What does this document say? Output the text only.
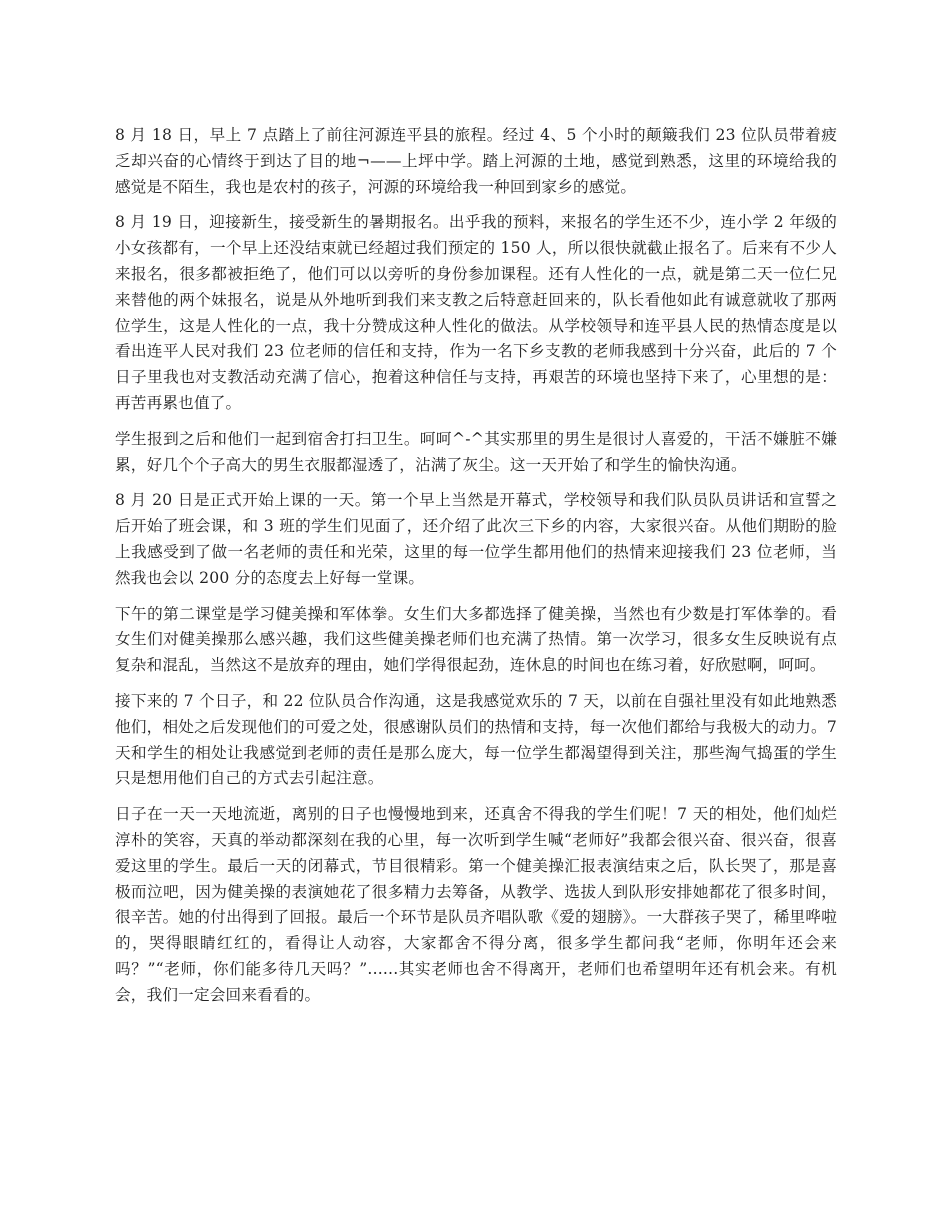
8 月 18 日，早上 7 点踏上了前往河源连平县的旅程。经过 4、5 个小时的颠簸我们 23 位队员带着疲乏却兴奋的心情终于到达了目的地¬——上坪中学。踏上河源的土地，感觉到熟悉，这里的环境给我的感觉是不陌生，我也是农村的孩子，河源的环境给我一种回到家乡的感觉。

8 月 19 日，迎接新生，接受新生的暑期报名。出乎我的预料，来报名的学生还不少，连小学 2 年级的小女孩都有，一个早上还没结束就已经超过我们预定的 150 人，所以很快就截止报名了。后来有不少人来报名，很多都被拒绝了，他们可以以旁听的身份参加课程。还有人性化的一点，就是第二天一位仁兄来替他的两个妹报名，说是从外地听到我们来支教之后特意赶回来的，队长看他如此有诚意就收了那两位学生，这是人性化的一点，我十分赞成这种人性化的做法。从学校领导和连平县人民的热情态度是以看出连平人民对我们 23 位老师的信任和支持，作为一名下乡支教的老师我感到十分兴奋，此后的 7 个日子里我也对支教活动充满了信心，抱着这种信任与支持，再艰苦的环境也坚持下来了，心里想的是：再苦再累也值了。

学生报到之后和他们一起到宿舍打扫卫生。呵呵^-^其实那里的男生是很讨人喜爱的，干活不嫌脏不嫌累，好几个个子高大的男生衣服都湿透了，沾满了灰尘。这一天开始了和学生的愉快沟通。

8 月 20 日是正式开始上课的一天。第一个早上当然是开幕式，学校领导和我们队员队员讲话和宣誓之后开始了班会课，和 3 班的学生们见面了，还介绍了此次三下乡的内容，大家很兴奋。从他们期盼的脸上我感受到了做一名老师的责任和光荣，这里的每一位学生都用他们的热情来迎接我们 23 位老师，当然我也会以 200 分的态度去上好每一堂课。

下午的第二课堂是学习健美操和军体拳。女生们大多都选择了健美操，当然也有少数是打军体拳的。看女生们对健美操那么感兴趣，我们这些健美操老师们也充满了热情。第一次学习，很多女生反映说有点复杂和混乱，当然这不是放弃的理由，她们学得很起劲，连休息的时间也在练习着，好欣慰啊，呵呵。

接下来的 7 个日子，和 22 位队员合作沟通，这是我感觉欢乐的 7 天，以前在自强社里没有如此地熟悉他们，相处之后发现他们的可爱之处，很感谢队员们的热情和支持，每一次他们都给与我极大的动力。7 天和学生的相处让我感觉到老师的责任是那么庞大，每一位学生都渴望得到关注，那些淘气捣蛋的学生只是想用他们自己的方式去引起注意。

日子在一天一天地流逝，离别的日子也慢慢地到来，还真舍不得我的学生们呢！7 天的相处，他们灿烂淳朴的笑容，天真的举动都深刻在我的心里，每一次听到学生喊“老师好”我都会很兴奋、很兴奋，很喜爱这里的学生。最后一天的闭幕式，节目很精彩。第一个健美操汇报表演结束之后，队长哭了，那是喜极而泣吧，因为健美操的表演她花了很多精力去筹备，从教学、选拔人到队形安排她都花了很多时间，很辛苦。她的付出得到了回报。最后一个环节是队员齐唱队歌《爱的翅膀》。一大群孩子哭了，稀里哗啦的，哭得眼睛红红的，看得让人动容，大家都舍不得分离，很多学生都问我“老师，你明年还会来吗？”“老师，你们能多待几天吗？”......其实老师也舍不得离开，老师们也希望明年还有机会来。有机会，我们一定会回来看看的。
